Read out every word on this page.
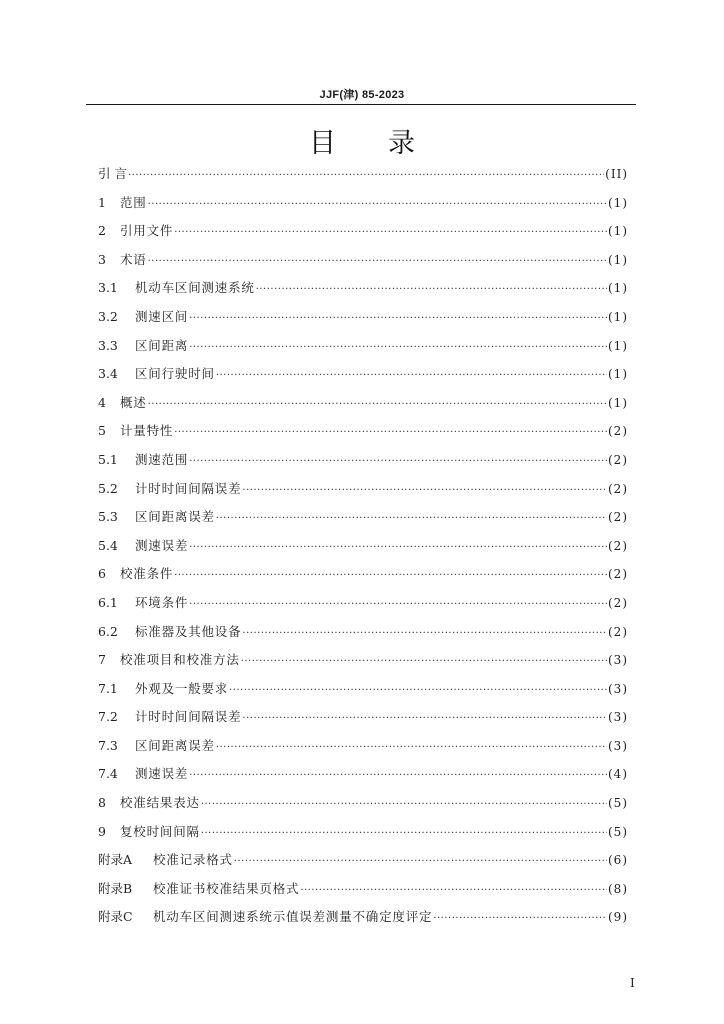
JJF(津) 85-2023
目录
引 言 ·····	(II)
1	范围 ·····	(1)
2	引用文件 ·····	(1)
3	术语 ·····	(1)
3.1	机动车区间测速系统 ·····	(1)
3.2	测速区间 ·····	(1)
3.3	区间距离 ·····	(1)
3.4	区间行驶时间 ·····	(1)
4	概述 ·····	(1)
5	计量特性 ·····	(2)
5.1	测速范围 ·····	(2)
5.2	计时时间间隔误差 ·····	(2)
5.3	区间距离误差 ·····	(2)
5.4	测速误差 ·····	(2)
6	校准条件 ·····	(2)
6.1	环境条件 ·····	(2)
6.2	标准器及其他设备 ·····	(2)
7	校准项目和校准方法 ·····	(3)
7.1	外观及一般要求 ·····	(3)
7.2	计时时间间隔误差 ·····	(3)
7.3	区间距离误差 ·····	(3)
7.4	测速误差 ·····	(4)
8	校准结果表达 ·····	(5)
9	复校时间间隔 ·····	(5)
附录A	校准记录格式 ·····	(6)
附录B	校准证书校准结果页格式 ·····	(8)
附录C	机动车区间测速系统示值误差测量不确定度评定 ·····	(9)
I
